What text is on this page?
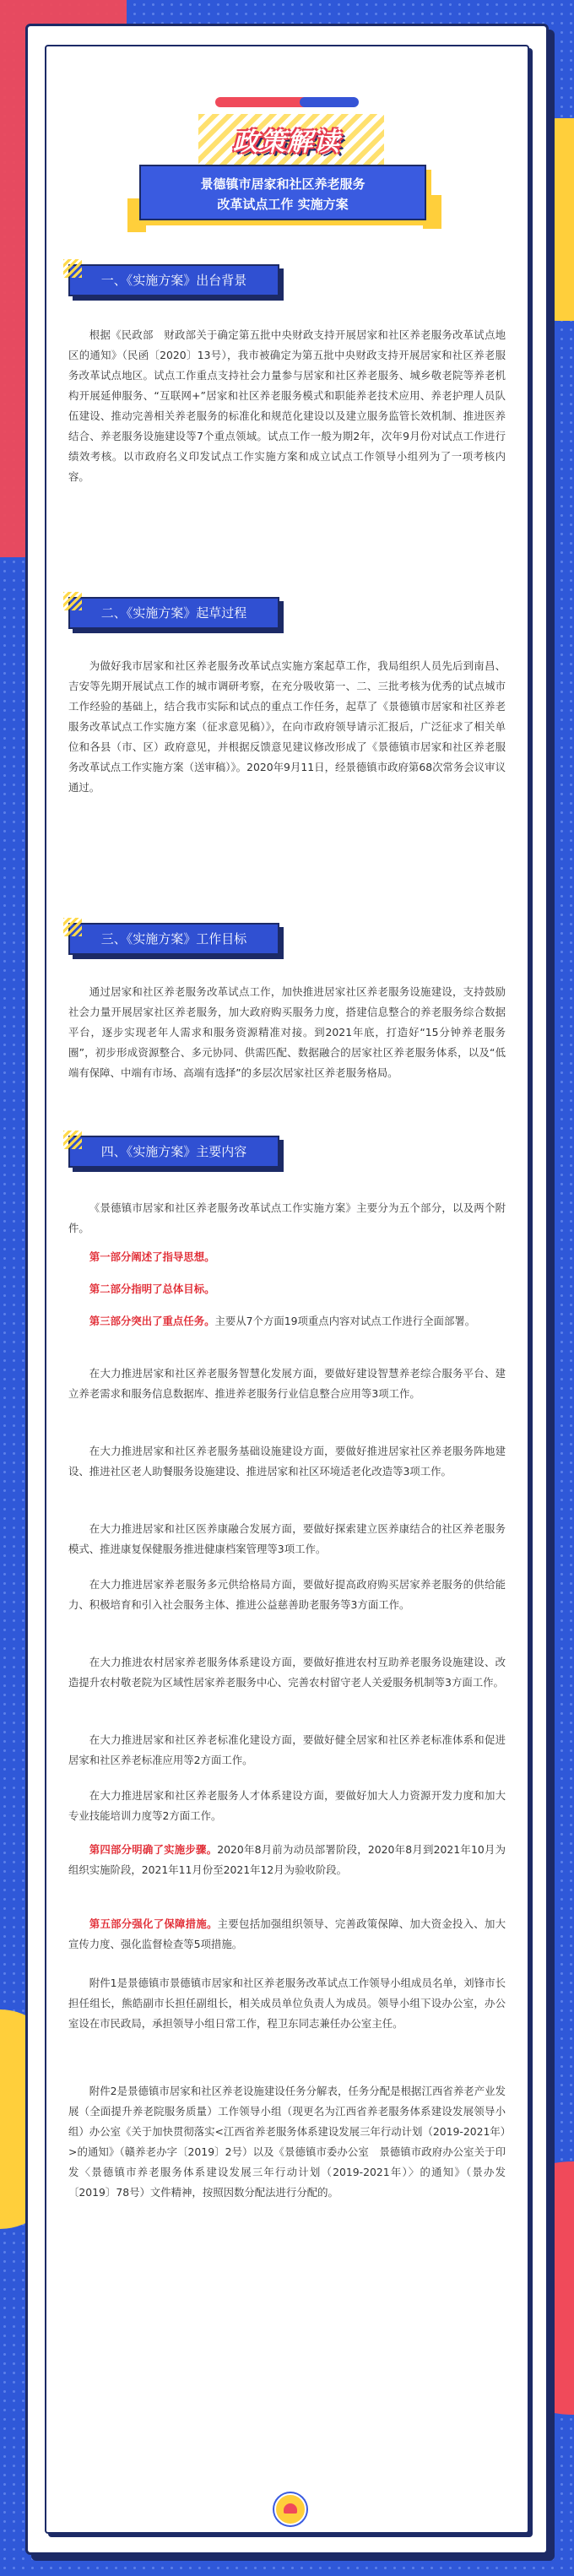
政策解读
景德镇市居家和社区养老服务
改革试点工作 实施方案
一、《实施方案》出台背景
根据《民政部　财政部关于确定第五批中央财政支持开展居家和社区养老服务改革试点地区的通知》（民函〔2020〕13号），我市被确定为第五批中央财政支持开展居家和社区养老服务改革试点地区。试点工作重点支持社会力量参与居家和社区养老服务、城乡敬老院等养老机构开展延伸服务、“互联网+”居家和社区养老服务模式和职能养老技术应用、养老护理人员队伍建设、推动完善相关养老服务的标准化和规范化建设以及建立服务监管长效机制、推进医养结合、养老服务设施建设等7个重点领域。试点工作一般为期2年，次年9月份对试点工作进行绩效考核。以市政府名义印发试点工作实施方案和成立试点工作领导小组列为了一项考核内容。
二、《实施方案》起草过程
为做好我市居家和社区养老服务改革试点实施方案起草工作，我局组织人员先后到南昌、吉安等先期开展试点工作的城市调研考察，在充分吸收第一、二、三批考核为优秀的试点城市工作经验的基础上，结合我市实际和试点的重点工作任务，起草了《景德镇市居家和社区养老服务改革试点工作实施方案（征求意见稿）》，在向市政府领导请示汇报后，广泛征求了相关单位和各县（市、区）政府意见，并根据反馈意见建议修改形成了《景德镇市居家和社区养老服务改革试点工作实施方案（送审稿）》。2020年9月11日，经景德镇市政府第68次常务会议审议通过。
三、《实施方案》工作目标
通过居家和社区养老服务改革试点工作，加快推进居家社区养老服务设施建设，支持鼓励社会力量开展居家社区养老服务，加大政府购买服务力度，搭建信息整合的养老服务综合数据平台，逐步实现老年人需求和服务资源精准对接。到2021年底，打造好“15分钟养老服务圈”，初步形成资源整合、多元协同、供需匹配、数据融合的居家社区养老服务体系，以及“低端有保障、中端有市场、高端有选择”的多层次居家社区养老服务格局。
四、《实施方案》主要内容
《景德镇市居家和社区养老服务改革试点工作实施方案》主要分为五个部分，以及两个附件。
第一部分阐述了指导思想。
第二部分指明了总体目标。
第三部分突出了重点任务。主要从7个方面19项重点内容对试点工作进行全面部署。
在大力推进居家和社区养老服务智慧化发展方面，要做好建设智慧养老综合服务平台、建立养老需求和服务信息数据库、推进养老服务行业信息整合应用等3项工作。
在大力推进居家和社区养老服务基础设施建设方面，要做好推进居家社区养老服务阵地建设、推进社区老人助餐服务设施建设、推进居家和社区环境适老化改造等3项工作。
在大力推进居家和社区医养康融合发展方面，要做好探索建立医养康结合的社区养老服务模式、推进康复保健服务推进健康档案管理等3项工作。
在大力推进居家养老服务多元供给格局方面，要做好提高政府购买居家养老服务的供给能力、积极培育和引入社会服务主体、推进公益慈善助老服务等3方面工作。
在大力推进农村居家养老服务体系建设方面，要做好推进农村互助养老服务设施建设、改造提升农村敬老院为区域性居家养老服务中心、完善农村留守老人关爱服务机制等3方面工作。
在大力推进居家和社区养老标准化建设方面，要做好健全居家和社区养老标准体系和促进居家和社区养老标准应用等2方面工作。
在大力推进居家和社区养老服务人才体系建设方面，要做好加大人力资源开发力度和加大专业技能培训力度等2方面工作。
第四部分明确了实施步骤。2020年8月前为动员部署阶段，2020年8月到2021年10月为组织实施阶段，2021年11月份至2021年12月为验收阶段。
第五部分强化了保障措施。主要包括加强组织领导、完善政策保障、加大资金投入、加大宣传力度、强化监督检查等5项措施。
附件1是景德镇市景德镇市居家和社区养老服务改革试点工作领导小组成员名单，刘锋市长担任组长，熊皓副市长担任副组长，相关成员单位负责人为成员。领导小组下设办公室，办公室设在市民政局，承担领导小组日常工作，程卫东同志兼任办公室主任。
附件2是景德镇市居家和社区养老设施建设任务分解表，任务分配是根据江西省养老产业发展（全面提升养老院服务质量）工作领导小组（现更名为江西省养老服务体系建设发展领导小组）办公室《关于加快贯彻落实<江西省养老服务体系建设发展三年行动计划（2019-2021年）>的通知》（赣养老办字〔2019〕2号）以及《景德镇市委办公室　景德镇市政府办公室关于印发〈景德镇市养老服务体系建设发展三年行动计划（2019-2021年）〉的通知》（景办发〔2019〕78号）文件精神，按照因数分配法进行分配的。
